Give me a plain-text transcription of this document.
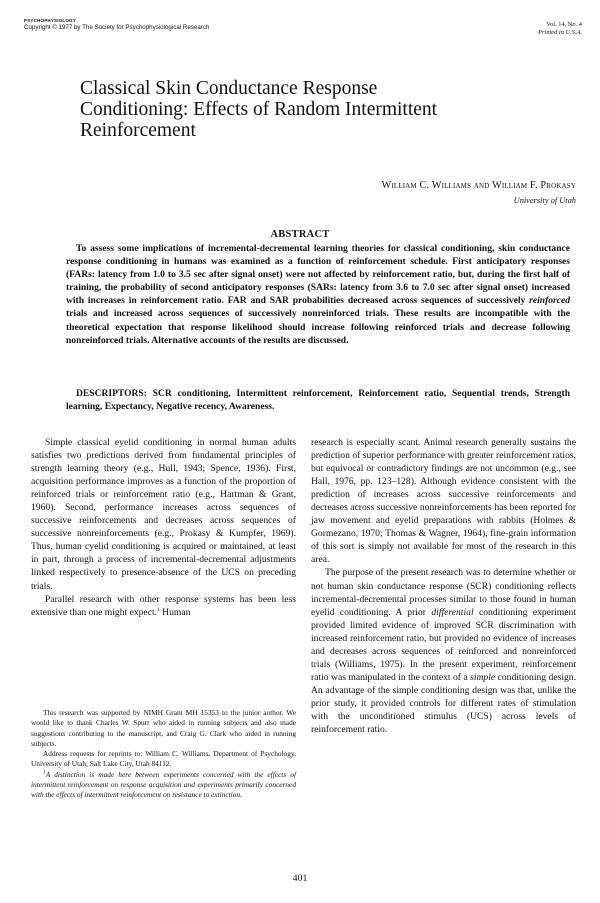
PSYCHOPHYSIOLOGY
Copyright © 1977 by The Society for Psychophysiological Research	Vol. 14, No. 4
Printed in U.S.A.
Classical Skin Conductance Response
Conditioning: Effects of Random Intermittent
Reinforcement
William C. Williams and William F. Prokasy
University of Utah
ABSTRACT

To assess some implications of incremental-decremental learning theories for classical conditioning, skin conductance response conditioning in humans was examined as a function of reinforcement schedule. First anticipatory responses (FARs: latency from 1.0 to 3.5 sec after signal onset) were not affected by reinforcement ratio, but, during the first half of training, the probability of second anticipatory responses (SARs: latency from 3.6 to 7.0 sec after signal onset) increased with increases in reinforcement ratio. FAR and SAR probabilities decreased across sequences of successively reinforced trials and increased across sequences of successively nonreinforced trials. These results are incompatible with the theoretical expectation that response likelihood should increase following reinforced trials and decrease following nonreinforced trials. Alternative accounts of the results are discussed.

DESCRIPTORS: SCR conditioning, Intermittent reinforcement, Reinforcement ratio, Sequential trends, Strength learning, Expectancy, Negative recency, Awareness.

Simple classical eyelid conditioning in normal human adults satisfies two predictions derived from fundamental principles of strength learning theory (e.g., Hull, 1943; Spence, 1936). First, acquisition performance improves as a function of the proportion of reinforced trials or reinforcement ratio (e.g., Hartman & Grant, 1960). Second, performance increases across sequences of successive reinforcements and decreases across sequences of successive nonreinforcements (e.g., Prokasy & Kumpfer, 1969). Thus, human cyelid conditioning is acquired or maintained, at least in part, through a process of incremental-decremental adjustments linked respectively to presence-absence of the UCS on preceding trials.

Parallel research with other response systems has been less extensive than one might expect.$^1$ Human

This research was supported by NIMH Grant MH 15353 to the junior author. We would like to thank Charles W. Spurr who aided in running subjects and also made suggestions contributing to the manuscript, and Craig G. Clark who aided in running subjects.

Address requests for reprints to: William C. Williams, Department of Psychology, University of Utah, Salt Lake City, Utah 84112.

$^1$A distinction is made here between experiments concerned with the effects of intermittent reinforcement on response acquisition and experiments primarily concerned with the effects of intermittent reinforcement on resistance to extinction.

research is especially scant. Animal research generally sustains the prediction of superior performance with greater reinforcement ratios, but equivocal or contradictory findings are not uncommon (e.g., see Hall, 1976, pp. 123–128). Although evidence consistent with the prediction of increases across successive reinforcements and decreases across successive nonreinforcements has been reported for jaw movement and eyelid preparations with rabbits (Holmes & Gormezano, 1970; Thomas & Wagner, 1964), fine-grain information of this sort is simply not available for most of the research in this area.

The purpose of the present research was to determine whether or not human skin conductance response (SCR) conditioning reflects incremental-decremental processes similar to those found in human eyelid conditioning. A prior differential conditioning experiment provided limited evidence of improved SCR discrimination with increased reinforcement ratio, but provided no evidence of increases and decreases across sequences of reinforced and nonreinforced trials (Williams, 1975). In the present experiment, reinforcement ratio was manipulated in the context of a simple conditioning design. An advantage of the simple conditioning design was that, unlike the prior study, it provided controls for different rates of stimulation with the unconditioned stimulus (UCS) across levels of reinforcement ratio.

401
